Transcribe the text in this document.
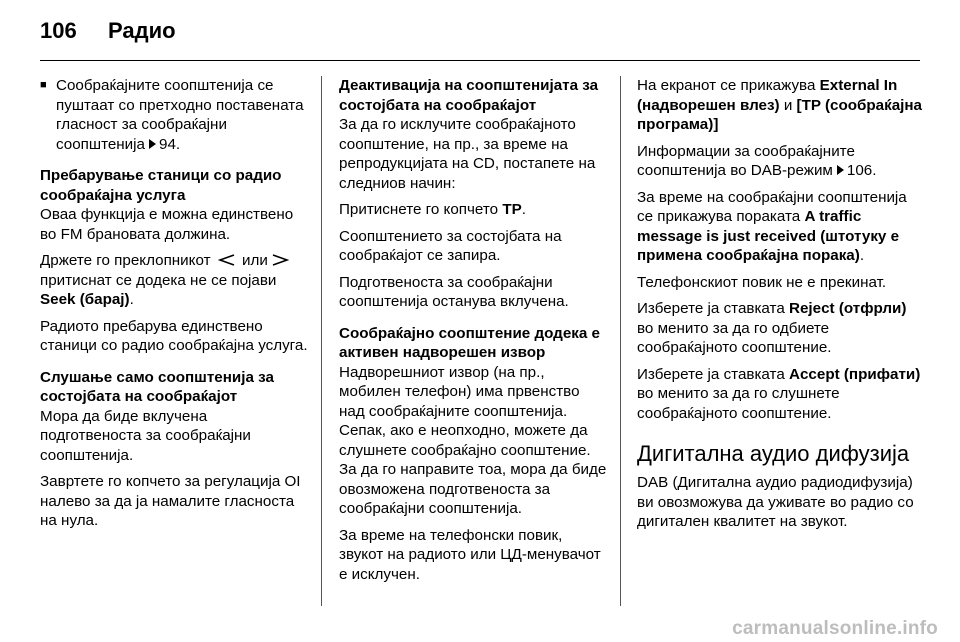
106	Радио
■ Сообраќајните соопштенија се пуштаат со претходно поставената гласност за сообраќајни соопштенија 94.
Пребарување станици со радио сообраќајна услуга

Оваа функција е можна единствено во FM брановата должина.

Држете го преклопникот или  притиснат се додека не се појави Seek (барај).

Радиото пребарува единствено станици со радио сообраќајна услуга.

Слушање само соопштенија за состојбата на сообраќајот

Мора да биде вклучена подготвеноста за сообраќајни соопштенија.

Завртете го копчето за регулација OI налево за да ја намалите гласноста на нула.

Деактивација на соопштенијата за состојбата на сообраќајот

За да го исклучите сообраќајното соопштение, на пр., за време на репродукцијата на CD, постапете на следниов начин:

Притиснете го копчето TP.

Соопштението за состојбата на сообраќајот се запира.

Подготвеноста за сообраќајни соопштенија останува вклучена.

Сообраќајно соопштение додека е активен надворешен извор

Надворешниот извор (на пр., мобилен телефон) има првенство над сообраќајните соопштенија. Сепак, ако е неопходно, можете да слушнете сообраќајно соопштение. За да го направите тоа, мора да биде овозможена подготвеноста за сообраќајни соопштенија.

За време на телефонски повик, звукот на радиото или ЦД-менувачот е исклучен.

На екранот се прикажува External In (надворешен влез) и [TP (сообраќајна програма)]

Информации за сообраќајните соопштенија во DAB-режим 106.

За време на сообраќајни соопштенија се прикажува пораката A traffic message is just received (штотуку е примена сообраќајна порака).

Телефонскиот повик не е прекинат.

Изберете ја ставката Reject (отфрли) во менито за да го одбиете сообраќајното соопштение.

Изберете ја ставката Accept (прифати) во менито за да го слушнете сообраќајното соопштение.

Дигитална аудио дифузија

DAB (Дигитална аудио радиодифузија) ви овозможува да уживате во радио со дигитален квалитет на звукот.

carmanualsonline.info
